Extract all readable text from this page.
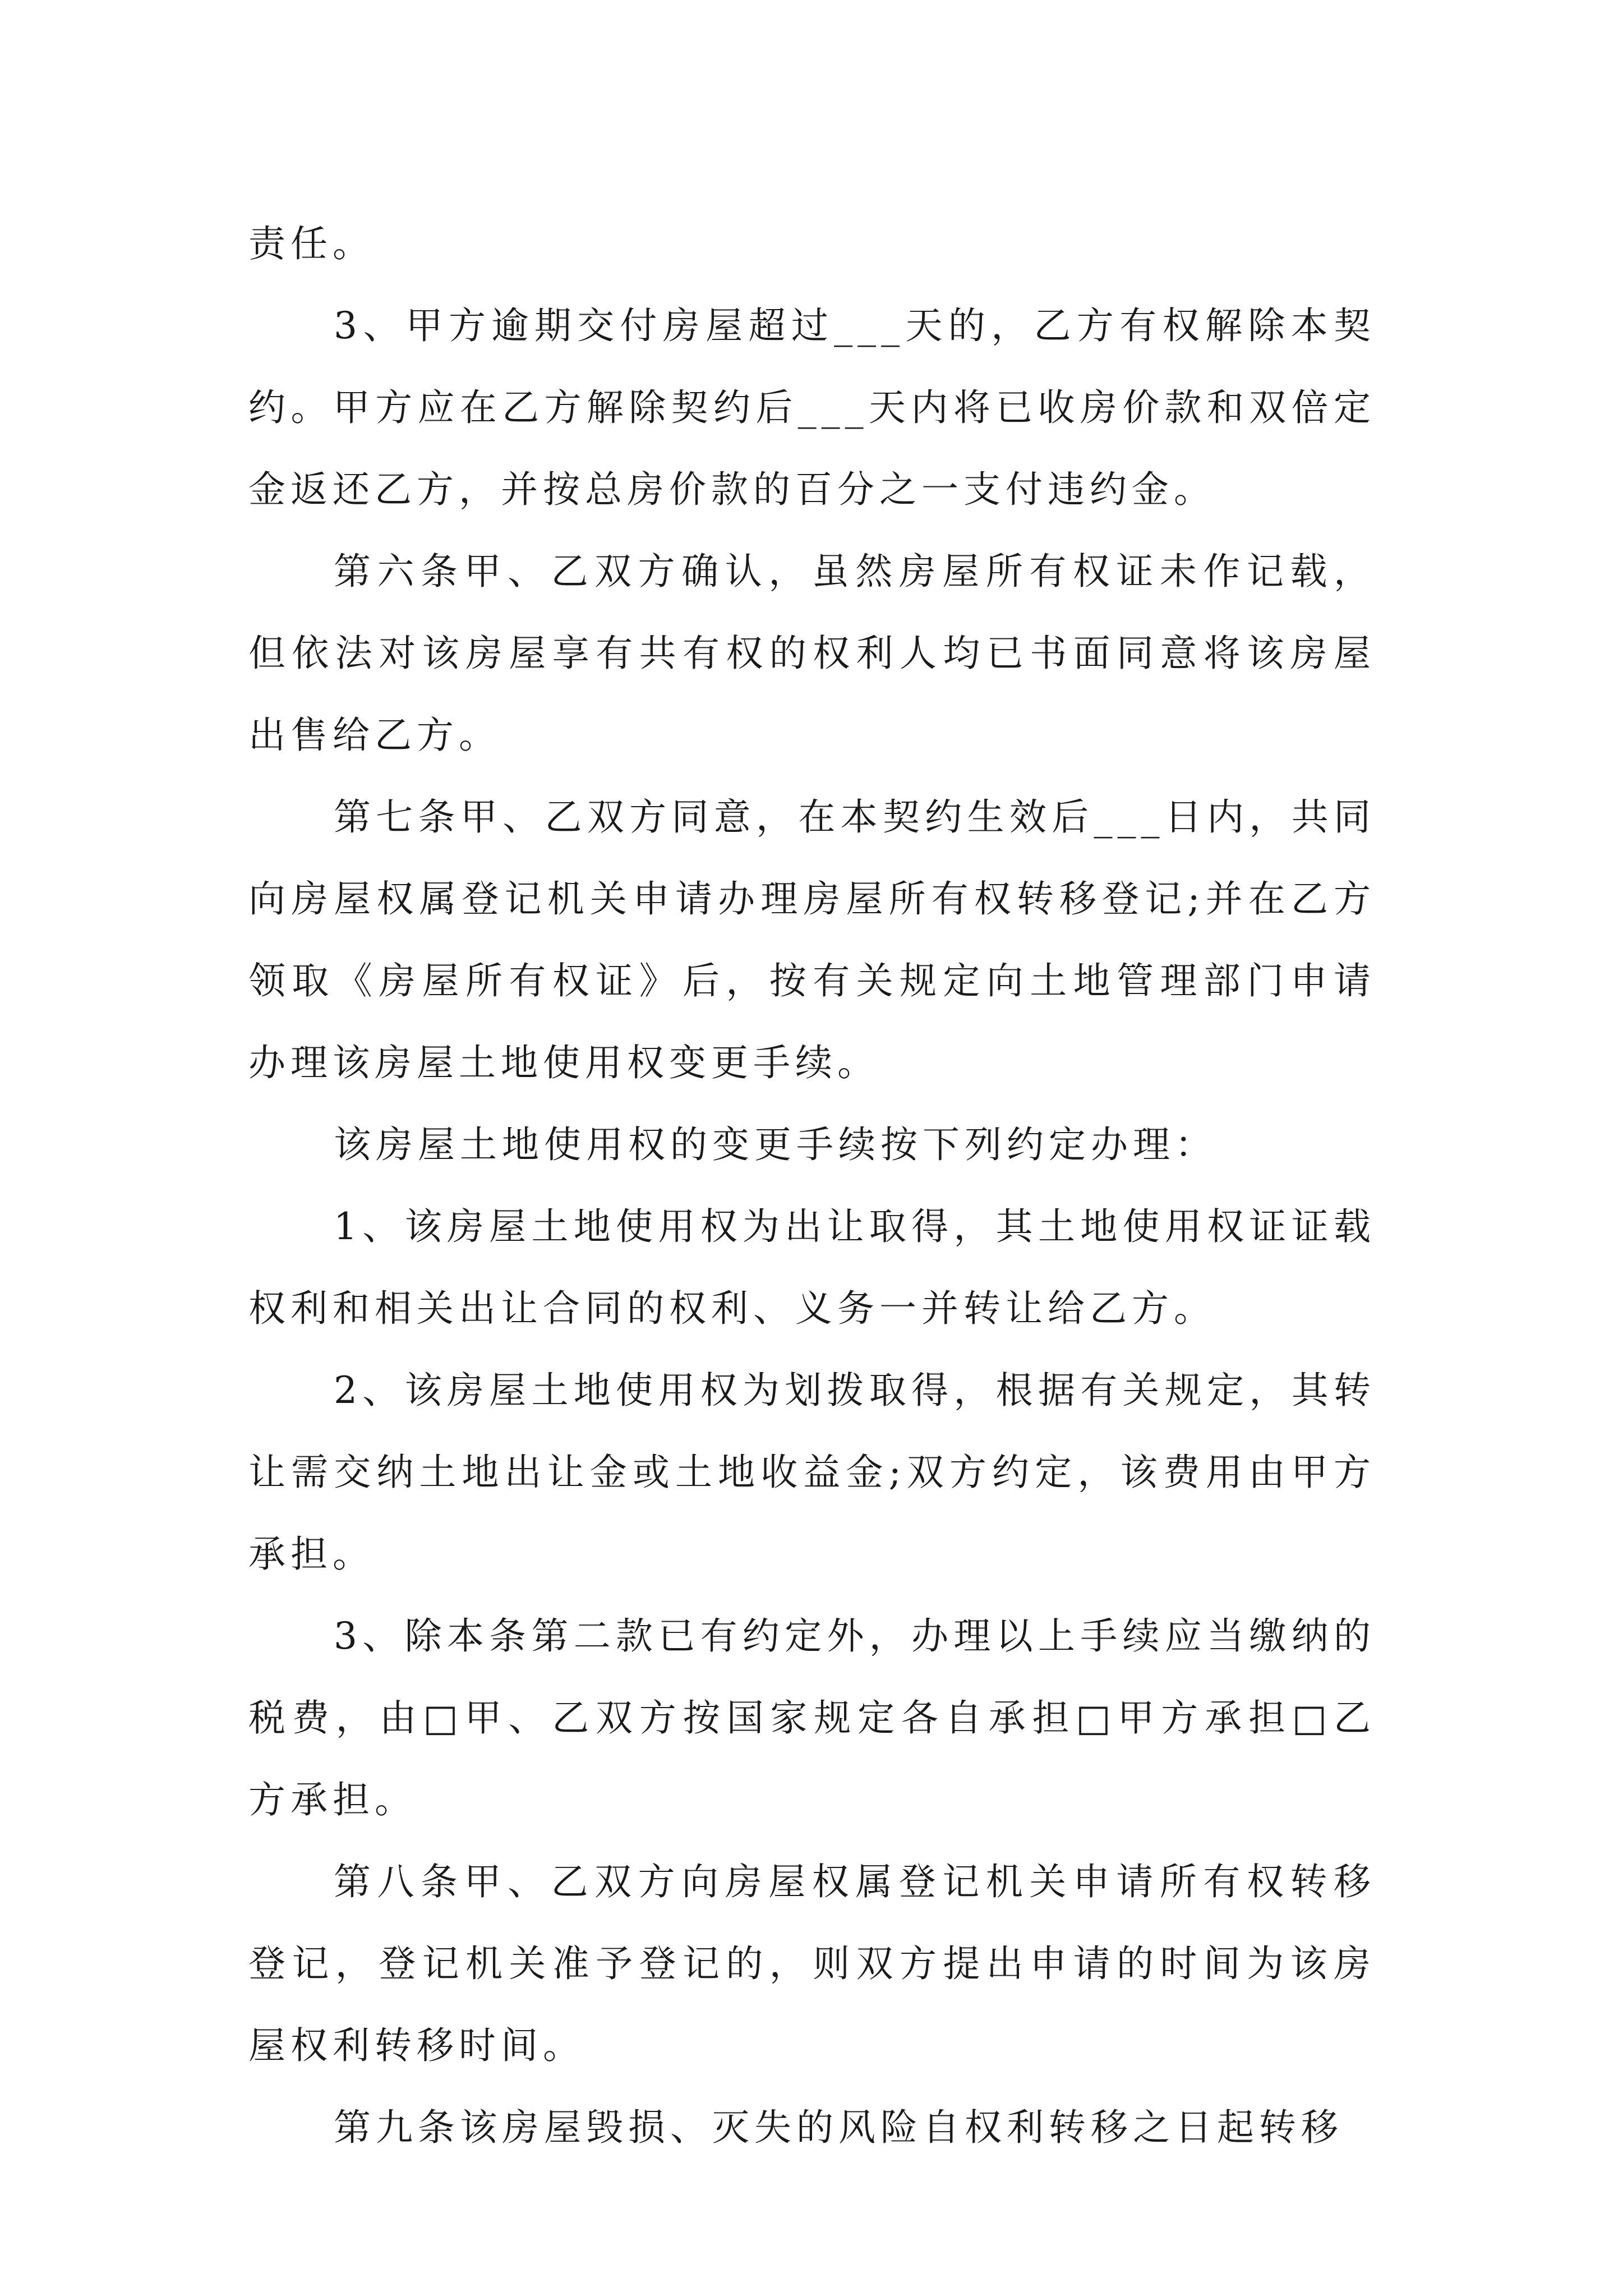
责任。

3、甲方逾期交付房屋超过___天的，乙方有权解除本契约。甲方应在乙方解除契约后___天内将已收房价款和双倍定金返还乙方，并按总房价款的百分之一支付违约金。

第六条甲、乙双方确认，虽然房屋所有权证未作记载，但依法对该房屋享有共有权的权利人均已书面同意将该房屋出售给乙方。

第七条甲、乙双方同意，在本契约生效后___日内，共同向房屋权属登记机关申请办理房屋所有权转移登记;并在乙方领取《房屋所有权证》后，按有关规定向土地管理部门申请办理该房屋土地使用权变更手续。

该房屋土地使用权的变更手续按下列约定办理：

1、该房屋土地使用权为出让取得，其土地使用权证证载权利和相关出让合同的权利、义务一并转让给乙方。

2、该房屋土地使用权为划拨取得，根据有关规定，其转让需交纳土地出让金或土地收益金;双方约定，该费用由甲方承担。

3、除本条第二款已有约定外，办理以上手续应当缴纳的税费，由□甲、乙双方按国家规定各自承担□甲方承担□乙方承担。

第八条甲、乙双方向房屋权属登记机关申请所有权转移登记，登记机关准予登记的，则双方提出申请的时间为该房屋权利转移时间。

第九条该房屋毁损、灭失的风险自权利转移之日起转移
